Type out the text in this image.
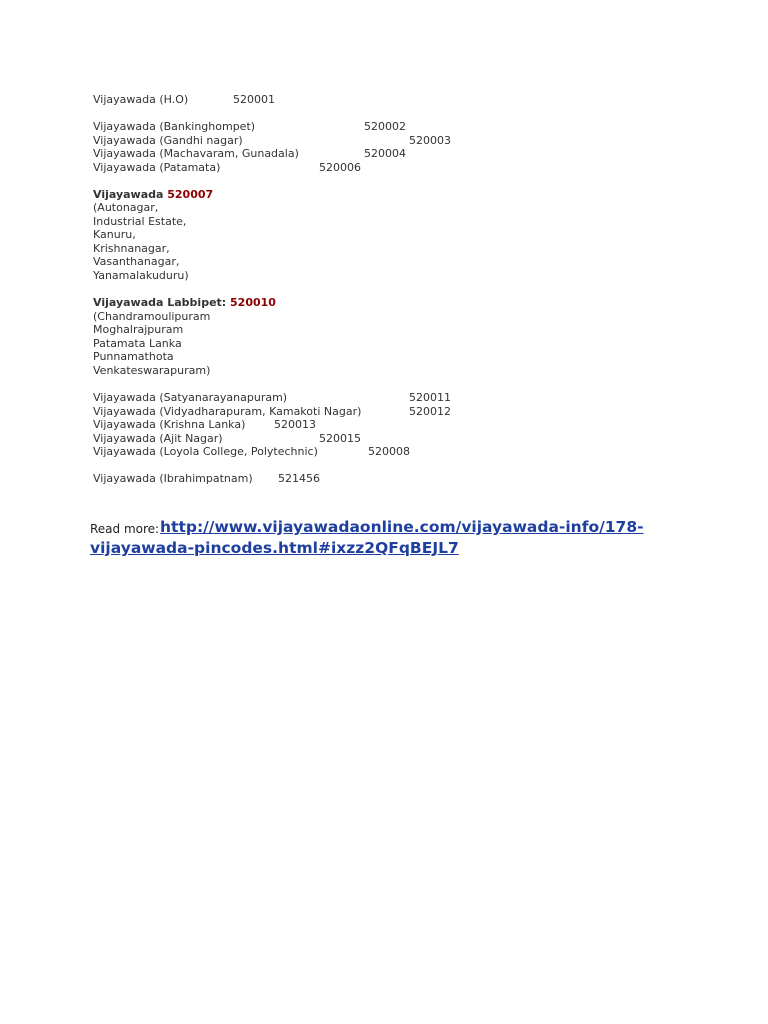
Vijayawada (H.O)	520001
Vijayawada (Bankinghompet)	520002
Vijayawada (Gandhi nagar)	520003
Vijayawada (Machavaram, Gunadala)	520004
Vijayawada (Patamata)	520006
Vijayawada 520007
(Autonagar,
Industrial Estate,
Kanuru,
Krishnanagar,
Vasanthanagar,
Yanamalakuduru)
Vijayawada Labbipet: 520010
(Chandramoulipuram
Moghalrajpuram
Patamata Lanka
Punnamathota
Venkateswarapuram)
Vijayawada (Satyanarayanapuram)	520011
Vijayawada (Vidyadharapuram, Kamakoti Nagar)	520012
Vijayawada (Krishna Lanka)	520013
Vijayawada (Ajit Nagar)	520015
Vijayawada (Loyola College, Polytechnic)	520008
Vijayawada (Ibrahimpatnam) 521456
Read more: http://www.vijayawadaonline.com/vijayawada-info/178-
vijayawada-pincodes.html#ixzz2QFqBEJL7
